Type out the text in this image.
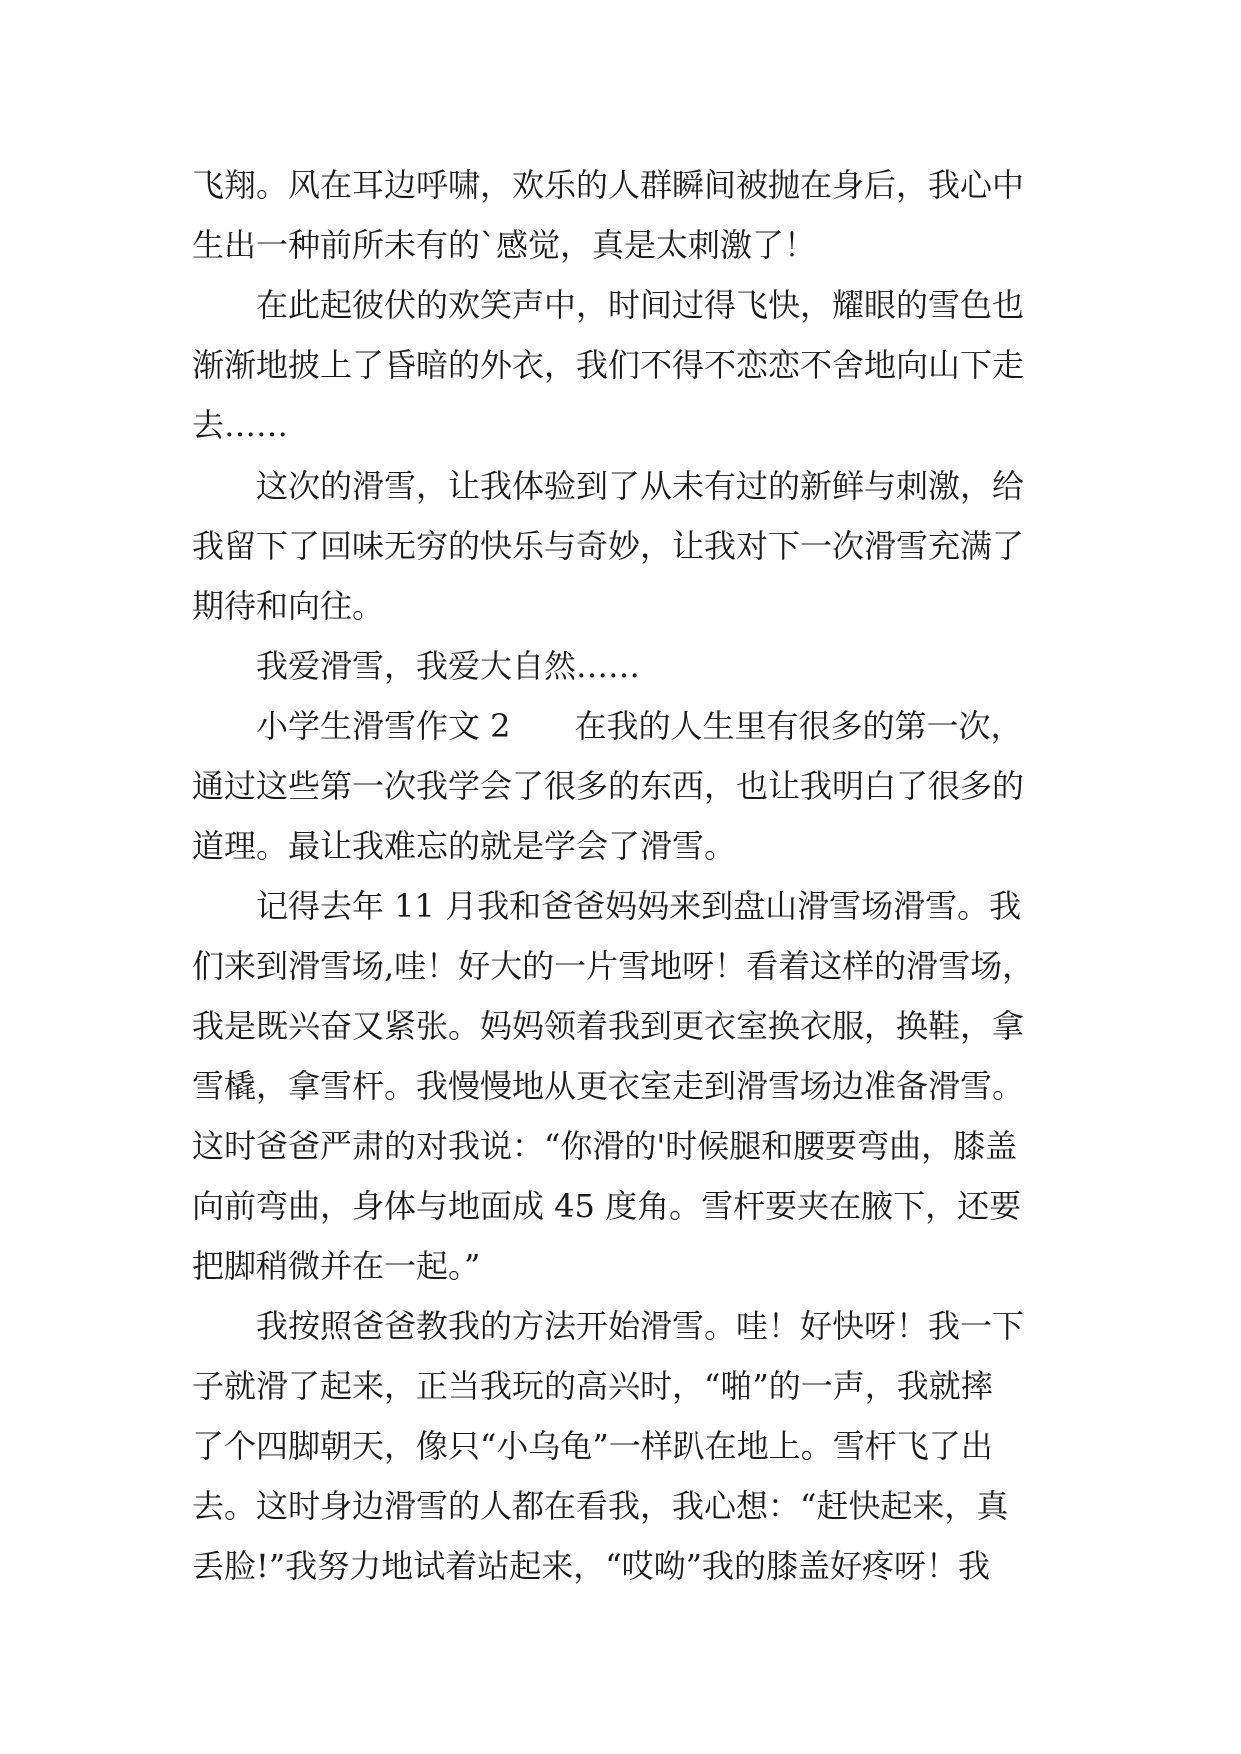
飞翔。风在耳边呼啸，欢乐的人群瞬间被抛在身后，我心中

生出一种前所未有的`感觉，真是太刺激了！

在此起彼伏的欢笑声中，时间过得飞快，耀眼的雪色也

渐渐地披上了昏暗的外衣，我们不得不恋恋不舍地向山下走

去……

这次的滑雪，让我体验到了从未有过的新鲜与刺激，给

我留下了回味无穷的快乐与奇妙，让我对下一次滑雪充满了

期待和向往。

我爱滑雪，我爱大自然……

小学生滑雪作文 2　　在我的人生里有很多的第一次，

通过这些第一次我学会了很多的东西，也让我明白了很多的

道理。最让我难忘的就是学会了滑雪。

记得去年 11 月我和爸爸妈妈来到盘山滑雪场滑雪。我

们来到滑雪场,哇！好大的一片雪地呀！看着这样的滑雪场，

我是既兴奋又紧张。妈妈领着我到更衣室换衣服，换鞋，拿

雪橇，拿雪杆。我慢慢地从更衣室走到滑雪场边准备滑雪。

这时爸爸严肃的对我说：“你滑的'时候腿和腰要弯曲，膝盖

向前弯曲，身体与地面成 45 度角。雪杆要夹在腋下，还要

把脚稍微并在一起。”

我按照爸爸教我的方法开始滑雪。哇！好快呀！我一下

子就滑了起来，正当我玩的高兴时，“啪”的一声，我就摔

了个四脚朝天，像只“小乌龟”一样趴在地上。雪杆飞了出

去。这时身边滑雪的人都在看我，我心想：“赶快起来，真

丢脸!”我努力地试着站起来，“哎呦”我的膝盖好疼呀！我
